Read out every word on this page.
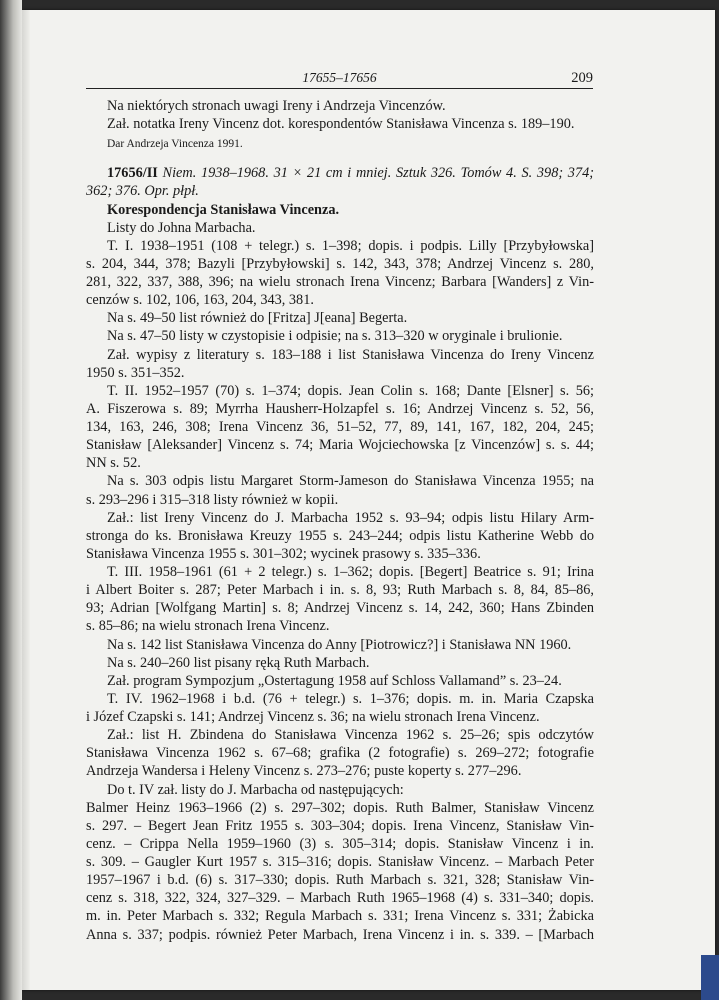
17655–17656	209
Na niektórych stronach uwagi Ireny i Andrzeja Vincenzów.
Zał. notatka Ireny Vincenz dot. korespondentów Stanisława Vincenza s. 189–190.
Dar Andrzeja Vincenza 1991.
17656/II Niem. 1938–1968. 31 × 21 cm i mniej. Sztuk 326. Tomów 4. S. 398; 374;
362; 376. Opr. płpł.
Korespondencja Stanisława Vincenza.
Listy do Johna Marbacha.
T. I. 1938–1951 (108 + telegr.) s. 1–398; dopis. i podpis. Lilly [Przybyłowska]
s. 204, 344, 378; Bazyli [Przybyłowski] s. 142, 343, 378; Andrzej Vincenz s. 280,
281, 322, 337, 388, 396; na wielu stronach Irena Vincenz; Barbara [Wanders] z Vin-
cenzów s. 102, 106, 163, 204, 343, 381.
Na s. 49–50 list również do [Fritza] J[eana] Begerta.
Na s. 47–50 listy w czystopisie i odpisie; na s. 313–320 w oryginale i brulionie.
Zał. wypisy z literatury s. 183–188 i list Stanisława Vincenza do Ireny Vincenz
1950 s. 351–352.
T. II. 1952–1957 (70) s. 1–374; dopis. Jean Colin s. 168; Dante [Elsner] s. 56;
A. Fiszerowa s. 89; Myrrha Hausherr-Holzapfel s. 16; Andrzej Vincenz s. 52, 56,
134, 163, 246, 308; Irena Vincenz 36, 51–52, 77, 89, 141, 167, 182, 204, 245;
Stanisław [Aleksander] Vincenz s. 74; Maria Wojciechowska [z Vincenzów] s. s. 44;
NN s. 52.
Na s. 303 odpis listu Margaret Storm-Jameson do Stanisława Vincenza 1955; na
s. 293–296 i 315–318 listy również w kopii.
Zał.: list Ireny Vincenz do J. Marbacha 1952 s. 93–94; odpis listu Hilary Arm-
stronga do ks. Bronisława Kreuzy 1955 s. 243–244; odpis listu Katherine Webb do
Stanisława Vincenza 1955 s. 301–302; wycinek prasowy s. 335–336.
T. III. 1958–1961 (61 + 2 telegr.) s. 1–362; dopis. [Begert] Beatrice s. 91; Irina
i Albert Boiter s. 287; Peter Marbach i in. s. 8, 93; Ruth Marbach s. 8, 84, 85–86,
93; Adrian [Wolfgang Martin] s. 8; Andrzej Vincenz s. 14, 242, 360; Hans Zbinden
s. 85–86; na wielu stronach Irena Vincenz.
Na s. 142 list Stanisława Vincenza do Anny [Piotrowicz?] i Stanisława NN 1960.
Na s. 240–260 list pisany ręką Ruth Marbach.
Zał. program Sympozjum „Ostertagung 1958 auf Schloss Vallamand” s. 23–24.
T. IV. 1962–1968 i b.d. (76 + telegr.) s. 1–376; dopis. m. in. Maria Czapska
i Józef Czapski s. 141; Andrzej Vincenz s. 36; na wielu stronach Irena Vincenz.
Zał.: list H. Zbindena do Stanisława Vincenza 1962 s. 25–26; spis odczytów
Stanisława Vincenza 1962 s. 67–68; grafika (2 fotografie) s. 269–272; fotografie
Andrzeja Wandersa i Heleny Vincenz s. 273–276; puste koperty s. 277–296.
Do t. IV zał. listy do J. Marbacha od następujących:
Balmer Heinz 1963–1966 (2) s. 297–302; dopis. Ruth Balmer, Stanisław Vincenz
s. 297. – Begert Jean Fritz 1955 s. 303–304; dopis. Irena Vincenz, Stanisław Vin-
cenz. – Crippa Nella 1959–1960 (3) s. 305–314; dopis. Stanisław Vincenz i in.
s. 309. – Gaugler Kurt 1957 s. 315–316; dopis. Stanisław Vincenz. – Marbach Peter
1957–1967 i b.d. (6) s. 317–330; dopis. Ruth Marbach s. 321, 328; Stanisław Vin-
cenz s. 318, 322, 324, 327–329. – Marbach Ruth 1965–1968 (4) s. 331–340; dopis.
m. in. Peter Marbach s. 332; Regula Marbach s. 331; Irena Vincenz s. 331; Żabicka
Anna s. 337; podpis. również Peter Marbach, Irena Vincenz i in. s. 339. – [Marbach
